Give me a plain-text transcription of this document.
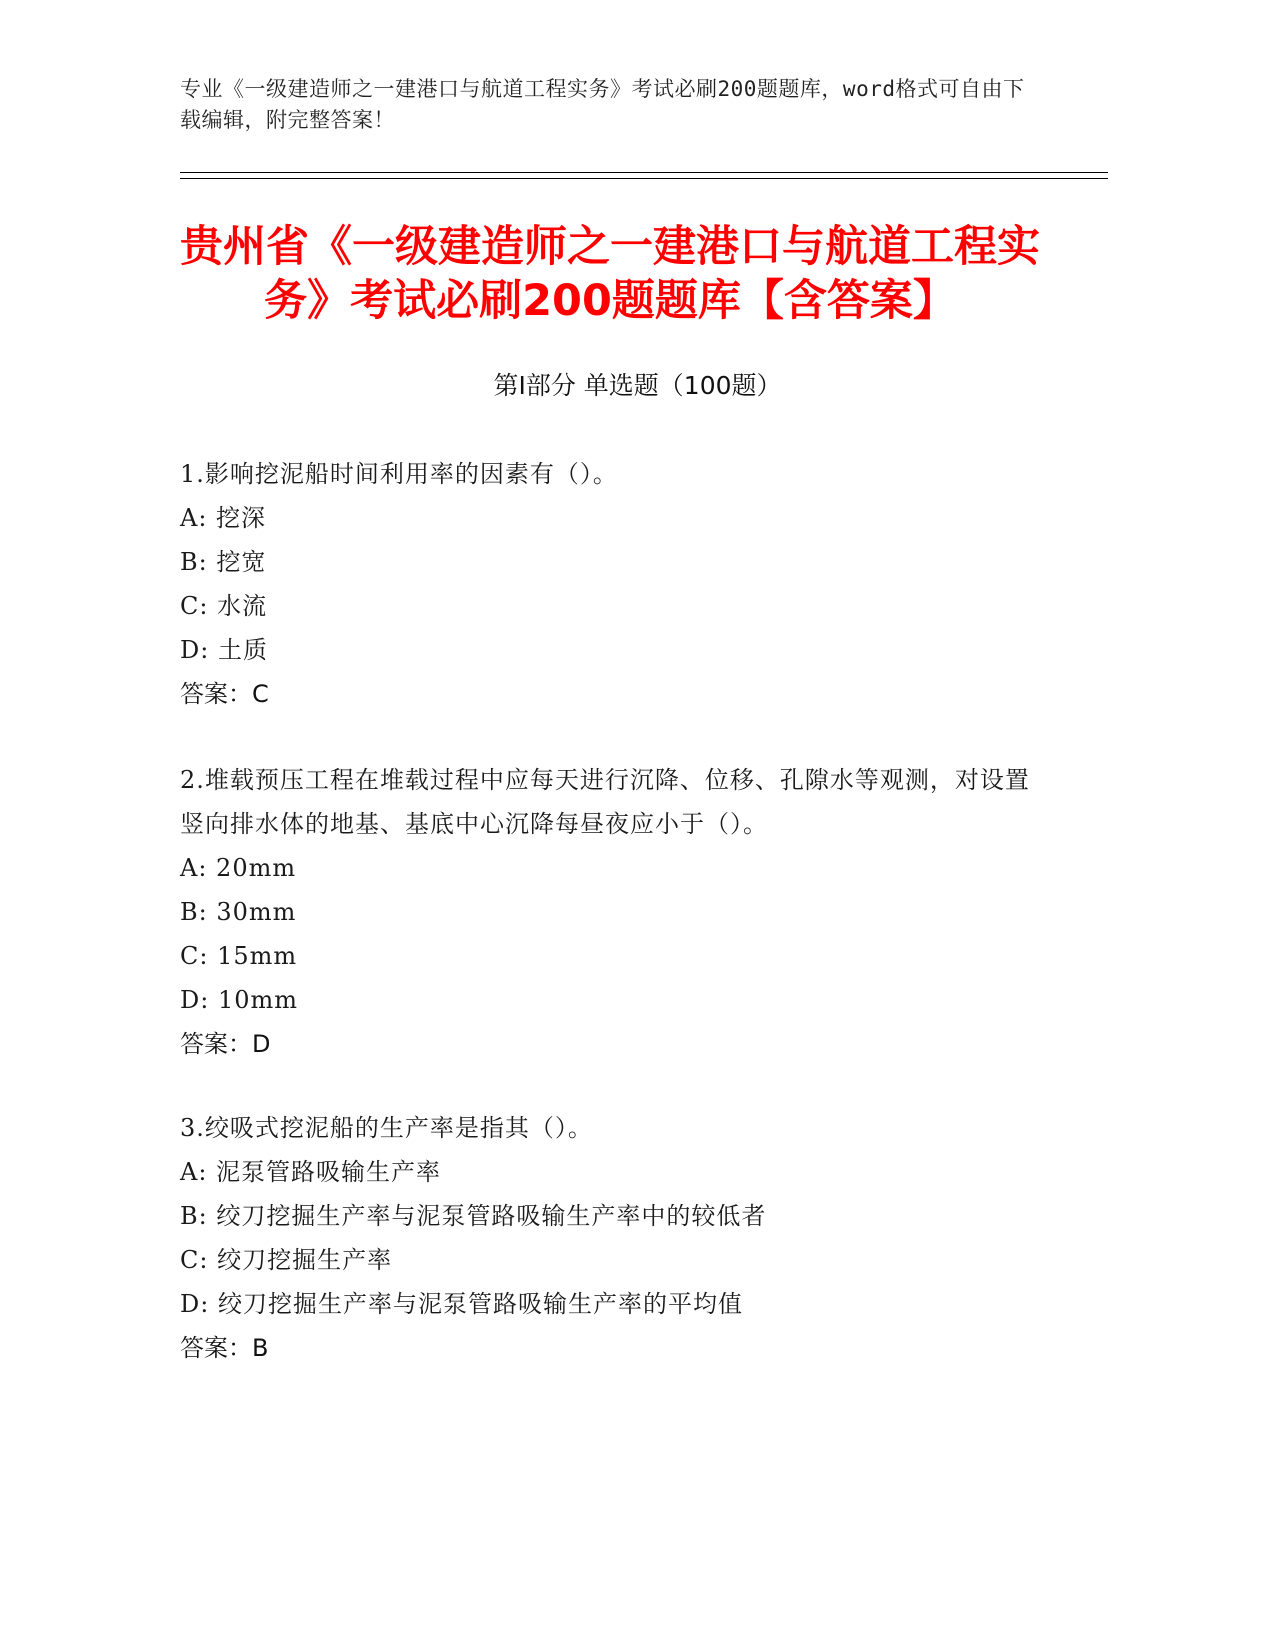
专业《一级建造师之一建港口与航道工程实务》考试必刷200题题库，word格式可自由下载编辑，附完整答案！
贵州省《一级建造师之一建港口与航道工程实务》考试必刷200题题库【含答案】
第I部分 单选题（100题）
1.影响挖泥船时间利用率的因素有（）。
A: 挖深
B: 挖宽
C: 水流
D: 土质
答案：C
2.堆载预压工程在堆载过程中应每天进行沉降、位移、孔隙水等观测，对设置竖向排水体的地基、基底中心沉降每昼夜应小于（）。
A: 20mm
B: 30mm
C: 15mm
D: 10mm
答案：D
3.绞吸式挖泥船的生产率是指其（）。
A: 泥泵管路吸输生产率
B: 绞刀挖掘生产率与泥泵管路吸输生产率中的较低者
C: 绞刀挖掘生产率
D: 绞刀挖掘生产率与泥泵管路吸输生产率的平均值
答案：B
